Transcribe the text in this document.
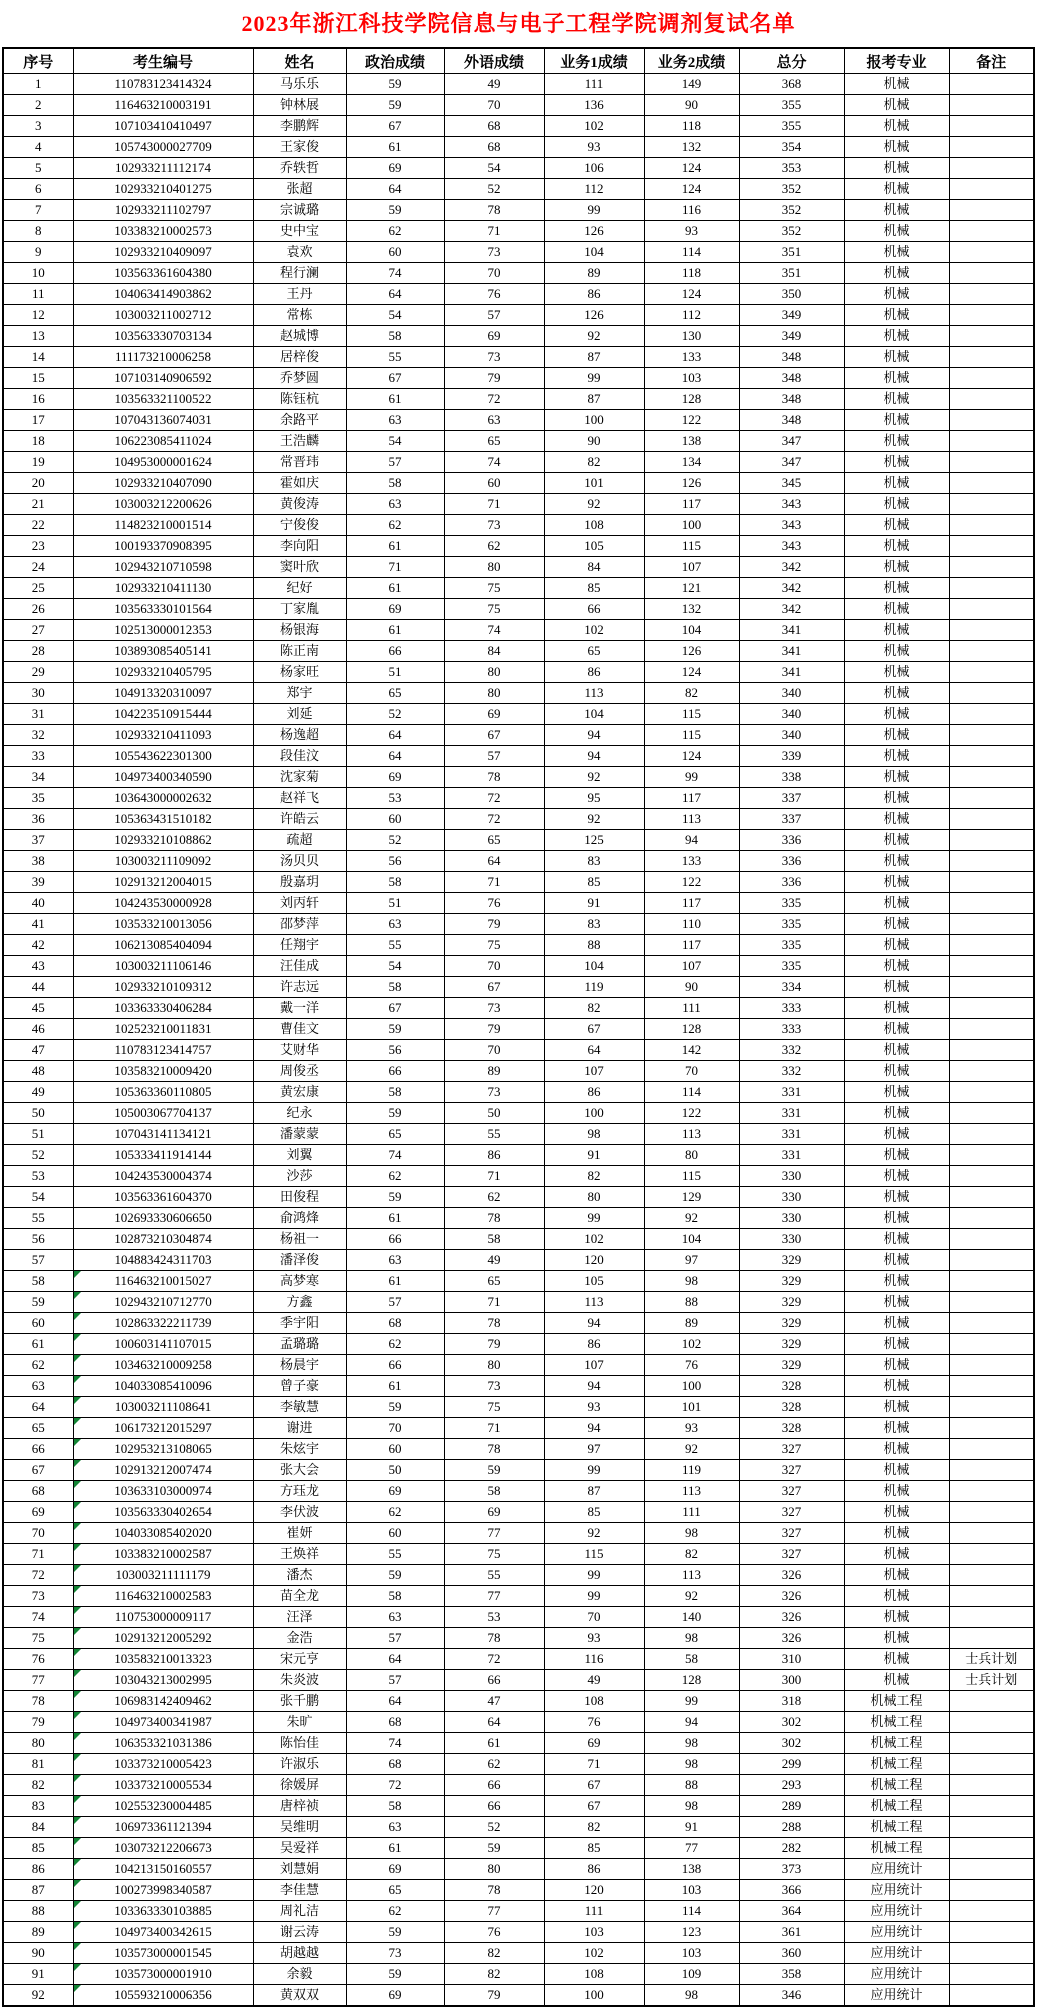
2023年浙江科技学院信息与电子工程学院调剂复试名单
序号	考生编号	姓名	政治成绩	外语成绩	业务1成绩	业务2成绩	总分	报考专业	备注
1	110783123414324	马乐乐	59	49	111	149	368	机械	
2	116463210003191	钟林展	59	70	136	90	355	机械	
3	107103410410497	李鹏辉	67	68	102	118	355	机械	
4	105743000027709	王家俊	61	68	93	132	354	机械	
5	102933211112174	乔轶哲	69	54	106	124	353	机械	
6	102933210401275	张超	64	52	112	124	352	机械	
7	102933211102797	宗诚璐	59	78	99	116	352	机械	
8	103383210002573	史中宝	62	71	126	93	352	机械	
9	102933210409097	袁欢	60	73	104	114	351	机械	
10	103563361604380	程行澜	74	70	89	118	351	机械	
11	104063414903862	王丹	64	76	86	124	350	机械	
12	103003211002712	常栋	54	57	126	112	349	机械	
13	103563330703134	赵城博	58	69	92	130	349	机械	
14	111173210006258	居梓俊	55	73	87	133	348	机械	
15	107103140906592	乔梦圆	67	79	99	103	348	机械	
16	103563321100522	陈钰杭	61	72	87	128	348	机械	
17	107043136074031	余路平	63	63	100	122	348	机械	
18	106223085411024	王浩麟	54	65	90	138	347	机械	
19	104953000001624	常晋玮	57	74	82	134	347	机械	
20	102933210407090	霍如庆	58	60	101	126	345	机械	
21	103003212200626	黄俊涛	63	71	92	117	343	机械	
22	114823210001514	宁俊俊	62	73	108	100	343	机械	
23	100193370908395	李向阳	61	62	105	115	343	机械	
24	102943210710598	窦叶欣	71	80	84	107	342	机械	
25	102933210411130	纪好	61	75	85	121	342	机械	
26	103563330101564	丁家胤	69	75	66	132	342	机械	
27	102513000012353	杨银海	61	74	102	104	341	机械	
28	103893085405141	陈正南	66	84	65	126	341	机械	
29	102933210405795	杨家旺	51	80	86	124	341	机械	
30	104913320310097	郑宇	65	80	113	82	340	机械	
31	104223510915444	刘延	52	69	104	115	340	机械	
32	102933210411093	杨逸超	64	67	94	115	340	机械	
33	105543622301300	段佳汶	64	57	94	124	339	机械	
34	104973400340590	沈家菊	69	78	92	99	338	机械	
35	103643000002632	赵祥飞	53	72	95	117	337	机械	
36	105363431510182	许皓云	60	72	92	113	337	机械	
37	102933210108862	疏超	52	65	125	94	336	机械	
38	103003211109092	汤贝贝	56	64	83	133	336	机械	
39	102913212004015	殷嘉玥	58	71	85	122	336	机械	
40	104243530000928	刘丙轩	51	76	91	117	335	机械	
41	103533210013056	邵梦萍	63	79	83	110	335	机械	
42	106213085404094	任翔宇	55	75	88	117	335	机械	
43	103003211106146	汪佳成	54	70	104	107	335	机械	
44	102933210109312	许志远	58	67	119	90	334	机械	
45	103363330406284	戴一洋	67	73	82	111	333	机械	
46	102523210011831	曹佳文	59	79	67	128	333	机械	
47	110783123414757	艾财华	56	70	64	142	332	机械	
48	103583210009420	周俊丞	66	89	107	70	332	机械	
49	105363360110805	黄宏康	58	73	86	114	331	机械	
50	105003067704137	纪永	59	50	100	122	331	机械	
51	107043141134121	潘蒙蒙	65	55	98	113	331	机械	
52	105333411914144	刘翼	74	86	91	80	331	机械	
53	104243530004374	沙莎	62	71	82	115	330	机械	
54	103563361604370	田俊程	59	62	80	129	330	机械	
55	102693330606650	俞鸿烽	61	78	99	92	330	机械	
56	102873210304874	杨祖一	66	58	102	104	330	机械	
57	104883424311703	潘泽俊	63	49	120	97	329	机械	
58	116463210015027	高梦寒	61	65	105	98	329	机械	
59	102943210712770	方鑫	57	71	113	88	329	机械	
60	102863322211739	季宇阳	68	78	94	89	329	机械	
61	100603141107015	孟璐璐	62	79	86	102	329	机械	
62	103463210009258	杨晨宇	66	80	107	76	329	机械	
63	104033085410096	曾子豪	61	73	94	100	328	机械	
64	103003211108641	李敏慧	59	75	93	101	328	机械	
65	106173212015297	谢进	70	71	94	93	328	机械	
66	102953213108065	朱炫宇	60	78	97	92	327	机械	
67	102913212007474	张大会	50	59	99	119	327	机械	
68	103633103000974	方珏龙	69	58	87	113	327	机械	
69	103563330402654	李伏波	62	69	85	111	327	机械	
70	104033085402020	崔妍	60	77	92	98	327	机械	
71	103383210002587	王焕祥	55	75	115	82	327	机械	
72	103003211111179	潘杰	59	55	99	113	326	机械	
73	116463210002583	苗全龙	58	77	99	92	326	机械	
74	110753000009117	汪泽	63	53	70	140	326	机械	
75	102913212005292	金浩	57	78	93	98	326	机械	
76	103583210013323	宋元亨	64	72	116	58	310	机械	士兵计划
77	103043213002995	朱炎波	57	66	49	128	300	机械	士兵计划
78	106983142409462	张千鹏	64	47	108	99	318	机械工程	
79	104973400341987	朱旷	68	64	76	94	302	机械工程	
80	106353321031386	陈怡佳	74	61	69	98	302	机械工程	
81	103373210005423	许淑乐	68	62	71	98	299	机械工程	
82	103373210005534	徐媛屏	72	66	67	88	293	机械工程	
83	102553230004485	唐梓祯	58	66	67	98	289	机械工程	
84	106973361121394	吴维明	63	52	82	91	288	机械工程	
85	103073212206673	吴爱祥	61	59	85	77	282	机械工程	
86	104213150160557	刘慧娟	69	80	86	138	373	应用统计	
87	100273998340587	李佳慧	65	78	120	103	366	应用统计	
88	103363330103885	周礼洁	62	77	111	114	364	应用统计	
89	104973400342615	谢云涛	59	76	103	123	361	应用统计	
90	103573000001545	胡越越	73	82	102	103	360	应用统计	
91	103573000001910	余毅	59	82	108	109	358	应用统计	
92	105593210006356	黄双双	69	79	100	98	346	应用统计	
